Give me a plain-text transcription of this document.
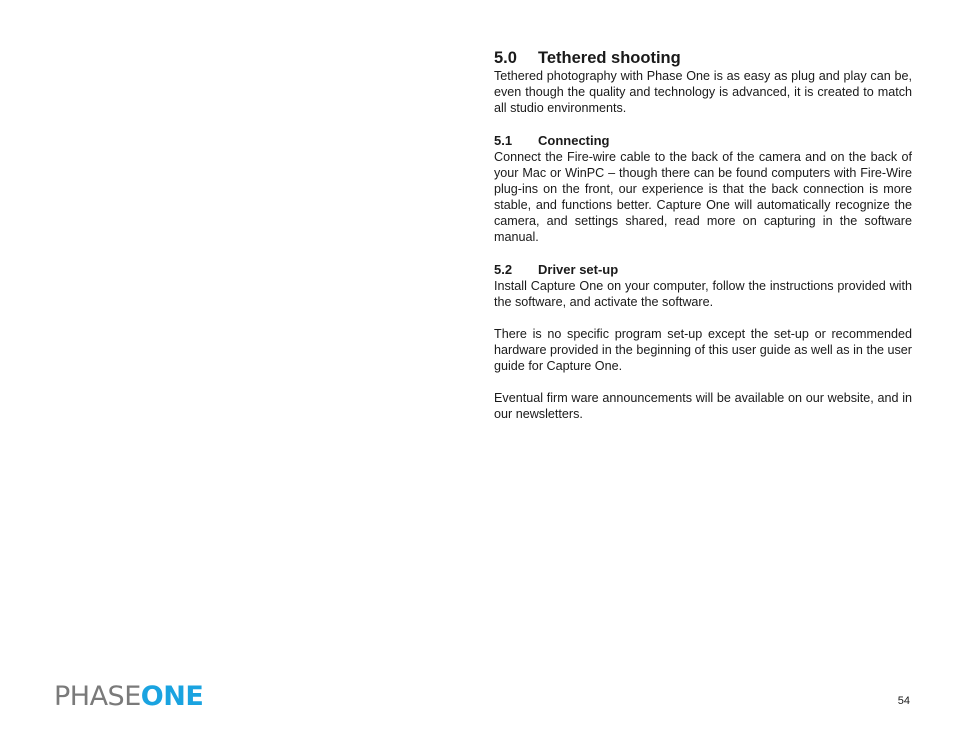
5.0 Tethered shooting

Tethered photography with Phase One is as easy as plug and play can be, even though the quality and technology is advanced, it is created to match all studio environments.

5.1 Connecting

Connect the Fire-wire cable to the back of the camera and on the back of your Mac or WinPC – though there can be found computers with Fire-Wire plug-ins on the front, our experience is that the back connection is more stable, and functions better. Capture One will automatically recognize the camera, and settings shared, read more on capturing in the software manual.

5.2 Driver set-up

Install Capture One on your computer, follow the instructions provided with the software, and activate the software.

There is no specific program set-up except the set-up or recommended hardware provided in the beginning of this user guide as well as in the user guide for Capture One.

Eventual firm ware announcements will be available on our website, and in our newsletters.

PHASE ONE	54
